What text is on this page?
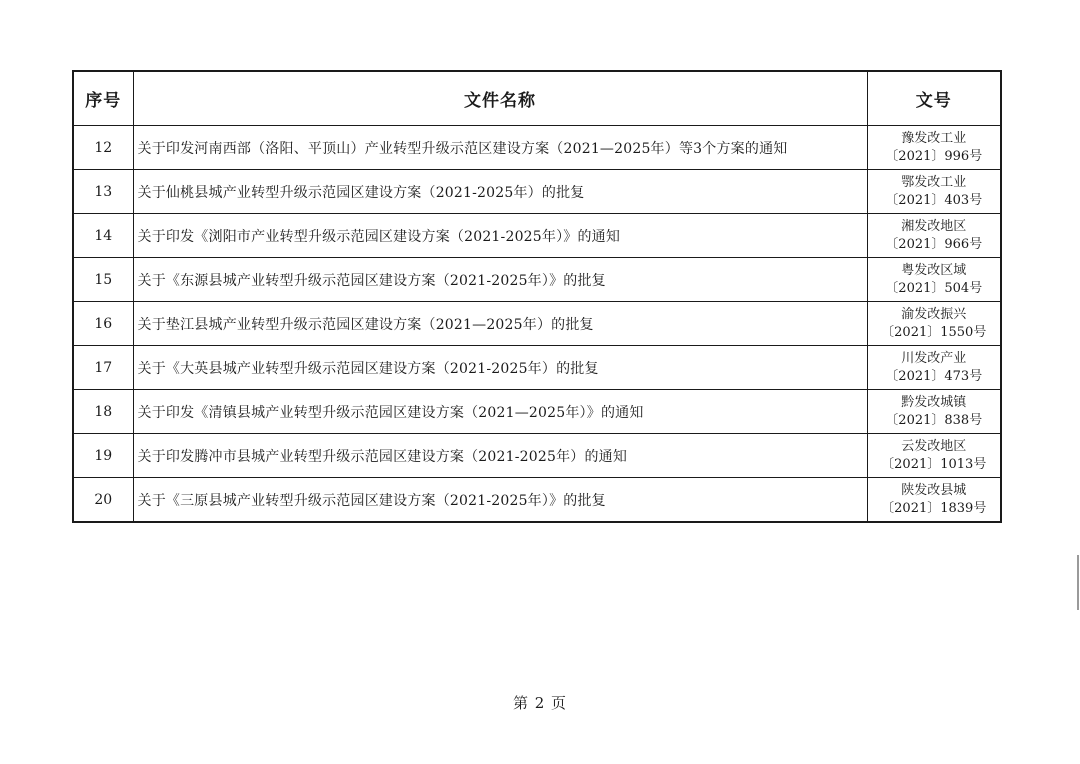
序号	文件名称	文号
12	关于印发河南西部（洛阳、平顶山）产业转型升级示范区建设方案（2021—2025年）等3个方案的通知	豫发改工业
〔2021〕996号

13	关于仙桃县城产业转型升级示范园区建设方案（2021-2025年）的批复	鄂发改工业
〔2021〕403号

14	关于印发《浏阳市产业转型升级示范园区建设方案（2021-2025年）》的通知	湘发改地区
〔2021〕966号

15	关于《东源县城产业转型升级示范园区建设方案（2021-2025年）》的批复	粤发改区域
〔2021〕504号

16	关于垫江县城产业转型升级示范园区建设方案（2021—2025年）的批复	渝发改振兴
〔2021〕1550号

17	关于《大英县城产业转型升级示范园区建设方案（2021-2025年）的批复	川发改产业
〔2021〕473号

18	关于印发《清镇县城产业转型升级示范园区建设方案（2021—2025年）》的通知	黔发改城镇
〔2021〕838号

19	关于印发腾冲市县城产业转型升级示范园区建设方案（2021-2025年）的通知	云发改地区
〔2021〕1013号

20	关于《三原县城产业转型升级示范园区建设方案（2021-2025年）》的批复	陕发改县城
〔2021〕1839号
第 2 页
